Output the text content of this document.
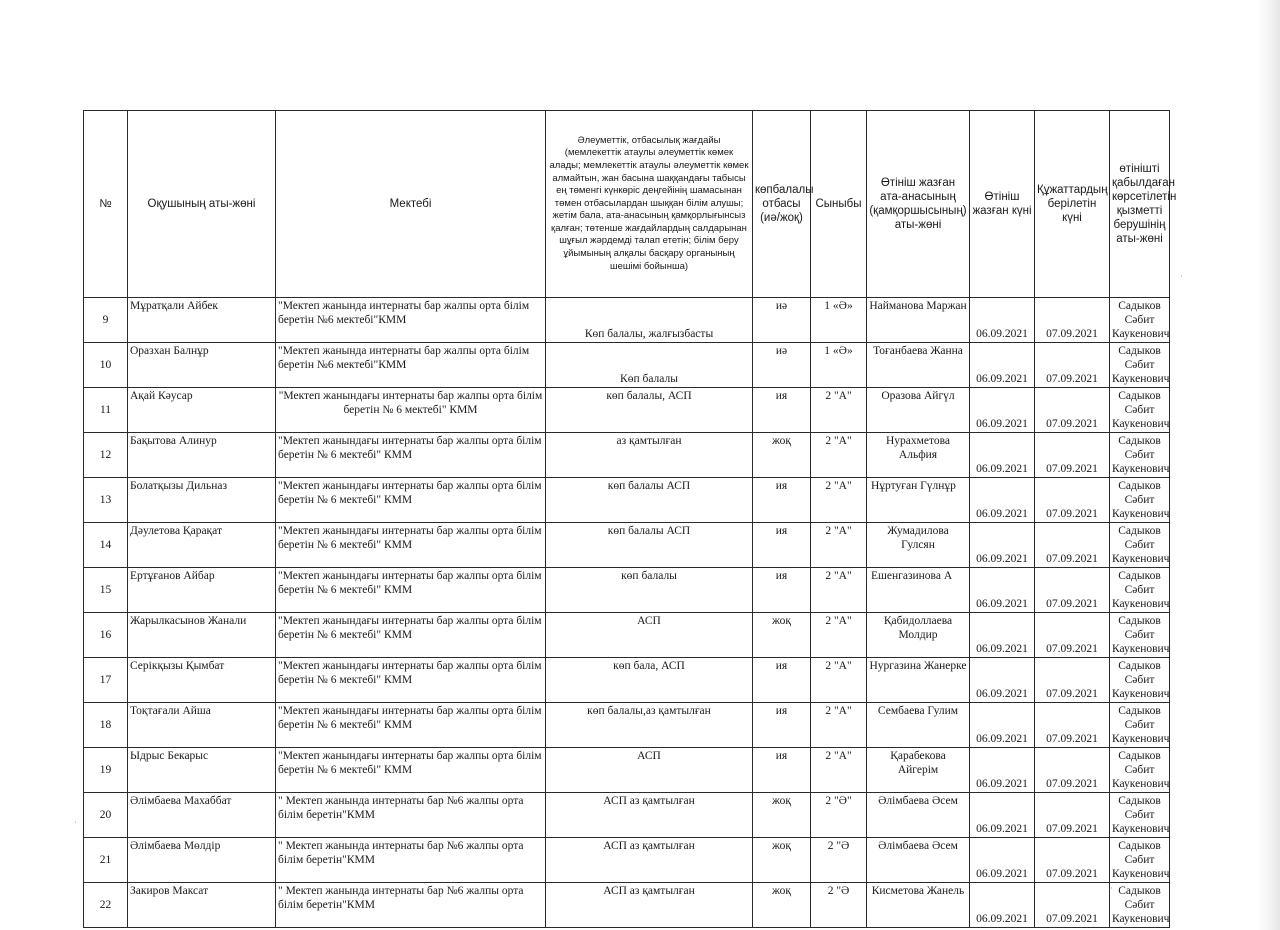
№	Оқушының аты-жөні	Мектебі	Әлеуметтік, отбасылық жағдайы (мемлекеттік атаулы әлеуметтік көмек алады; мемлекеттік атаулы әлеуметтік көмек алмайтын, жан басына шаққандағы табысы ең төменгі күнкөріс деңгейінің шамасынан төмен отбасылардан шыққан білім алушы; жетім бала, ата-анасының қамқорлығынсыз қалған; төтенше жағдайлардың салдарынан шұғыл жәрдемді талап ететін; білім беру ұйымының алқалы басқару органының шешімі бойынша)	көпбалалы отбасы (иә/жоқ)	Сыныбы	Өтініш жазған ата-анасының (қамқоршысының) аты-жөні	Өтініш жазған күні	Құжаттардың берілетін күні	өтінішті қабылдаған көрсетілетін қызметті берушінің аты-жөні
9	Мұратқали Айбек	"Мектеп жанында интернаты бар жалпы орта білім беретін №6 мектебі"КММ	Көп балалы, жалғызбасты	иә	1 «Ә»	Найманова Маржан	06.09.2021	07.09.2021	Садыков Сәбит Каукенович
10	Оразхан Балнұр	"Мектеп жанында интернаты бар жалпы орта білім беретін №6 мектебі"КММ	Көп балалы	иә	1 «Ә»	Тоғанбаева Жанна	06.09.2021	07.09.2021	Садыков Сәбит Каукенович
11	Ақай Кәусар	"Мектеп жанындағы интернаты бар жалпы орта білім беретін № 6 мектебі" КММ	көп балалы, АСП	ия	2 "А"	Оразова Айгүл	06.09.2021	07.09.2021	Садыков Сәбит Каукенович
12	Бақытова Алинур	"Мектеп жанындағы интернаты бар жалпы орта білім беретін № 6 мектебі" КММ	аз қамтылған	жоқ	2 "А"	Нурахметова Альфия	06.09.2021	07.09.2021	Садыков Сәбит Каукенович
13	Болатқызы Дильназ	"Мектеп жанындағы интернаты бар жалпы орта білім беретін № 6 мектебі" КММ	көп балалы АСП	ия	2 "А"	Нұртуған Гүлнұр	06.09.2021	07.09.2021	Садыков Сәбит Каукенович
14	Дәулетова Қарақат	"Мектеп жанындағы интернаты бар жалпы орта білім беретін № 6 мектебі" КММ	көп балалы АСП	ия	2 "А"	Жумадилова Гулсян	06.09.2021	07.09.2021	Садыков Сәбит Каукенович
15	Ертұғанов Айбар	"Мектеп жанындағы интернаты бар жалпы орта білім беретін № 6 мектебі" КММ	көп балалы	ия	2 "А"	Ешенгазинова А	06.09.2021	07.09.2021	Садыков Сәбит Каукенович
16	Жарылкасынов Жанали	"Мектеп жанындағы интернаты бар жалпы орта білім беретін № 6 мектебі" КММ	АСП	жоқ	2 "А"	Қабидоллаева Молдир	06.09.2021	07.09.2021	Садыков Сәбит Каукенович
17	Серікқызы Қымбат	"Мектеп жанындағы интернаты бар жалпы орта білім беретін № 6 мектебі" КММ	көп бала, АСП	ия	2 "А"	Нургазина Жанерке	06.09.2021	07.09.2021	Садыков Сәбит Каукенович
18	Тоқтағали Айша	"Мектеп жанындағы интернаты бар жалпы орта білім беретін № 6 мектебі" КММ	көп балалы,аз қамтылған	ия	2 "А"	Сембаева Гулим	06.09.2021	07.09.2021	Садыков Сәбит Каукенович
19	Ыдрыс Бекарыс	"Мектеп жанындағы интернаты бар жалпы орта білім беретін № 6 мектебі" КММ	АСП	ия	2 "А"	Қарабекова Айгерім	06.09.2021	07.09.2021	Садыков Сәбит Каукенович
20	Әлімбаева Махаббат	" Мектеп жанында интернаты бар №6 жалпы орта білім беретін"КММ	АСП аз қамтылған	жоқ	2 "Ә"	Әлімбаева Әсем	06.09.2021	07.09.2021	Садыков Сәбит Каукенович
21	Әлімбаева Мөлдір	" Мектеп жанында интернаты бар №6 жалпы орта білім беретін"КММ	АСП аз қамтылған	жоқ	2 "Ә	Әлімбаева Әсем	06.09.2021	07.09.2021	Садыков Сәбит Каукенович
22	Закиров Максат	" Мектеп жанында интернаты бар №6 жалпы орта білім беретін"КММ	АСП аз қамтылған	жоқ	2 "Ә	Кисметова Жанель	06.09.2021	07.09.2021	Садыков Сәбит Каукенович
·
·
·
